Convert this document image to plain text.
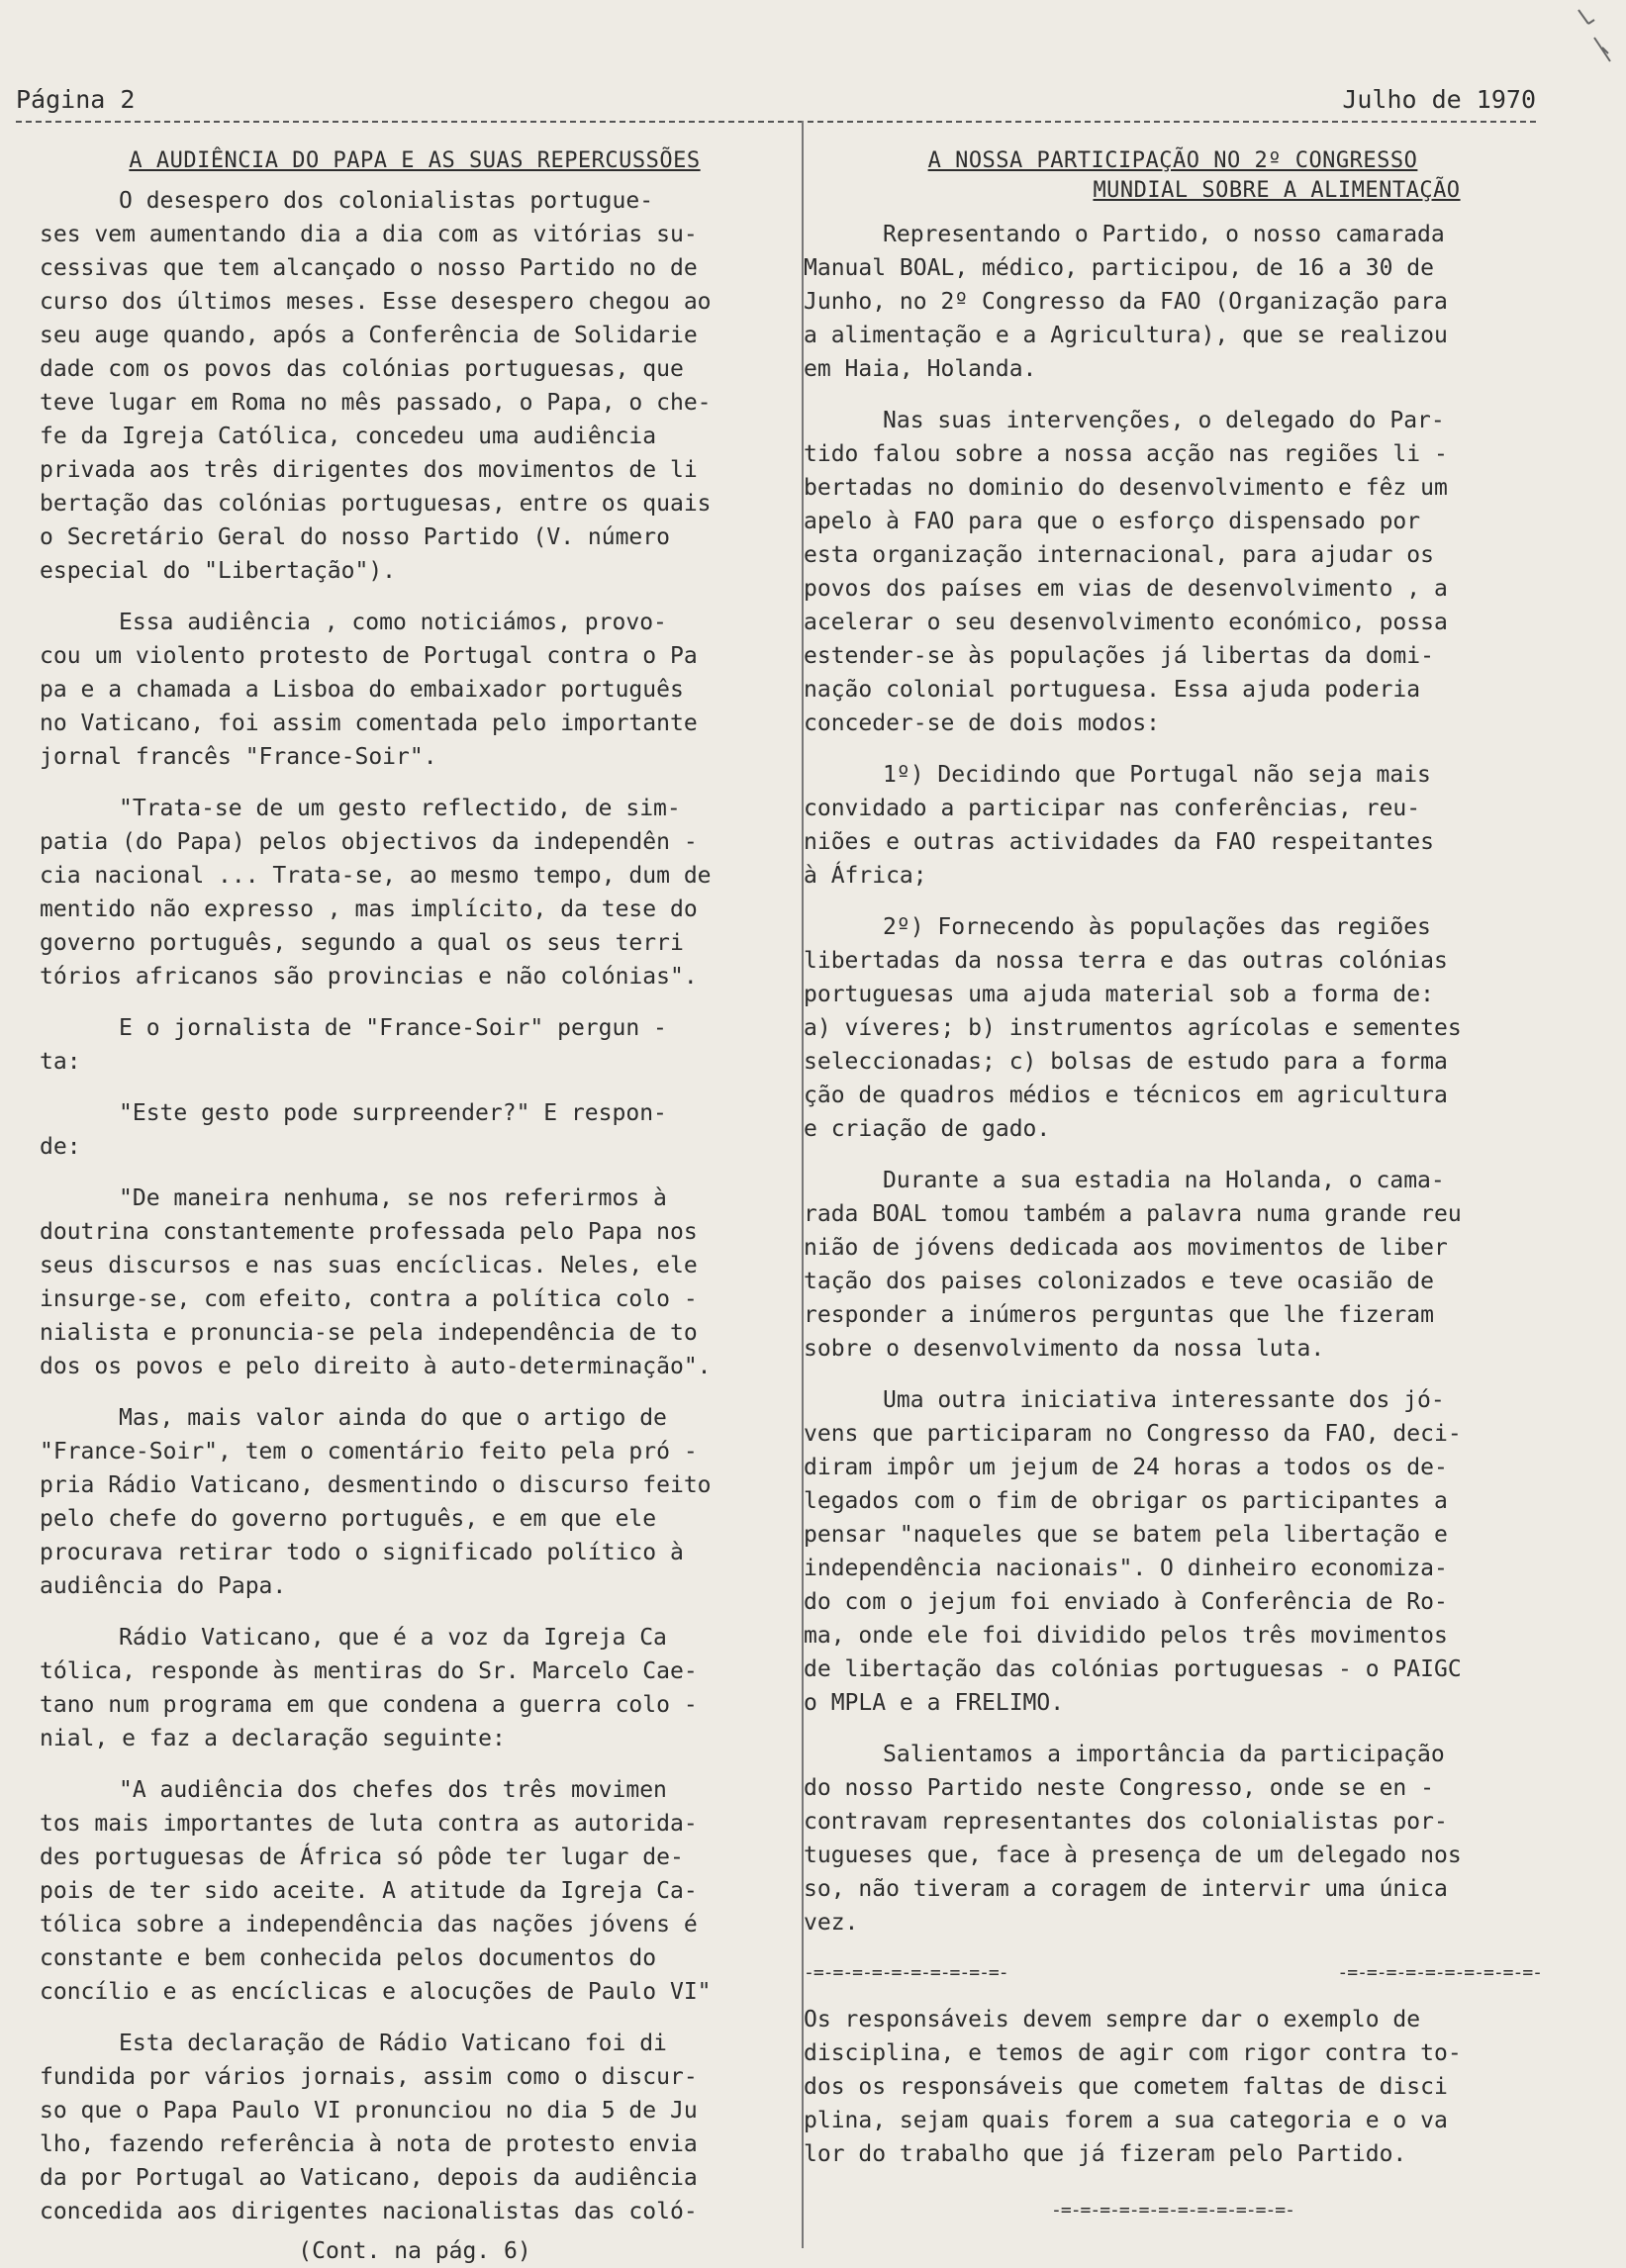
Página 2	Julho de 1970
A AUDIÊNCIA DO PAPA E AS SUAS REPERCUSSÕES
O desespero dos colonialistas portugue-
ses vem aumentando dia a dia com as vitórias su-
cessivas que tem alcançado o nosso Partido no de
curso dos últimos meses. Esse desespero chegou ao
seu auge quando, após a Conferência de Solidarie
dade com os povos das colónias portuguesas, que
teve lugar em Roma no mês passado, o Papa, o che-
fe da Igreja Católica, concedeu uma audiência
privada aos três dirigentes dos movimentos de li
bertação das colónias portuguesas, entre os quais
o Secretário Geral do nosso Partido (V. número
especial do "Libertação").
Essa audiência , como noticiámos, provo-
cou um violento protesto de Portugal contra o Pa
pa e a chamada a Lisboa do embaixador português
no Vaticano, foi assim comentada pelo importante
jornal francês "France-Soir".
"Trata-se de um gesto reflectido, de sim-
patia (do Papa) pelos objectivos da independên -
cia nacional ... Trata-se, ao mesmo tempo, dum de
mentido não expresso , mas implícito, da tese do
governo português, segundo a qual os seus terri
tórios africanos são provincias e não colónias".
E o jornalista de "France-Soir" pergun -
ta:
"Este gesto pode surpreender?" E respon-
de:
"De maneira nenhuma, se nos referirmos à
doutrina constantemente professada pelo Papa nos
seus discursos e nas suas encíclicas. Neles, ele
insurge-se, com efeito, contra a política colo -
nialista e pronuncia-se pela independência de to
dos os povos e pelo direito à auto-determinação".
Mas, mais valor ainda do que o artigo de
"France-Soir", tem o comentário feito pela pró -
pria Rádio Vaticano, desmentindo o discurso feito
pelo chefe do governo português, e em que ele
procurava retirar todo o significado político à
audiência do Papa.
Rádio Vaticano, que é a voz da Igreja Ca
tólica, responde às mentiras do Sr. Marcelo Cae-
tano num programa em que condena a guerra colo -
nial, e faz a declaração seguinte:
"A audiência dos chefes dos três movimen
tos mais importantes de luta contra as autorida-
des portuguesas de África só pôde ter lugar de-
pois de ter sido aceite. A atitude da Igreja Ca-
tólica sobre a independência das nações jóvens é
constante e bem conhecida pelos documentos do
concílio e as encíclicas e alocuções de Paulo VI"
Esta declaração de Rádio Vaticano foi di
fundida por vários jornais, assim como o discur-
so que o Papa Paulo VI pronunciou no dia 5 de Ju
lho, fazendo referência à nota de protesto envia
da por Portugal ao Vaticano, depois da audiência
concedida aos dirigentes nacionalistas das coló-
(Cont. na pág. 6)
A NOSSA PARTICIPAÇÃO NO 2º CONGRESSO
MUNDIAL SOBRE A ALIMENTAÇÃO
Representando o Partido, o nosso camarada
Manual BOAL, médico, participou, de 16 a 30 de
Junho, no 2º Congresso da FAO (Organização para
a alimentação e a Agricultura), que se realizou
em Haia, Holanda.
Nas suas intervenções, o delegado do Par-
tido falou sobre a nossa acção nas regiões li -
bertadas no dominio do desenvolvimento e fêz um
apelo à FAO para que o esforço dispensado por
esta organização internacional, para ajudar os
povos dos países em vias de desenvolvimento , a
acelerar o seu desenvolvimento económico, possa
estender-se às populações já libertas da domi-
nação colonial portuguesa. Essa ajuda poderia
conceder-se de dois modos:
1º) Decidindo que Portugal não seja mais
convidado a participar nas conferências, reu-
niões e outras actividades da FAO respeitantes
à África;
2º) Fornecendo às populações das regiões
libertadas da nossa terra e das outras colónias
portuguesas uma ajuda material sob a forma de:
a) víveres; b) instrumentos agrícolas e sementes
seleccionadas; c) bolsas de estudo para a forma
ção de quadros médios e técnicos em agricultura
e criação de gado.
Durante a sua estadia na Holanda, o cama-
rada BOAL tomou também a palavra numa grande reu
nião de jóvens dedicada aos movimentos de liber
tação dos paises colonizados e teve ocasião de
responder a inúmeros perguntas que lhe fizeram
sobre o desenvolvimento da nossa luta.
Uma outra iniciativa interessante dos jó-
vens que participaram no Congresso da FAO, deci-
diram impôr um jejum de 24 horas a todos os de-
legados com o fim de obrigar os participantes a
pensar "naqueles que se batem pela libertação e
independência nacionais". O dinheiro economiza-
do com o jejum foi enviado à Conferência de Ro-
ma, onde ele foi dividido pelos três movimentos
de libertação das colónias portuguesas - o PAIGC
o MPLA e a FRELIMO.
Salientamos a importância da participação
do nosso Partido neste Congresso, onde se en -
contravam representantes dos colonialistas por-
tugueses que, face à presença de um delegado nos
so, não tiveram a coragem de intervir uma única
vez.
-=-=-=-=-=-=-=-=-=-=-	-=-=-=-=-=-=-=-=-=-=-
Os responsáveis devem sempre dar o exemplo de
disciplina, e temos de agir com rigor contra to-
dos os responsáveis que cometem faltas de disci
plina, sejam quais forem a sua categoria e o va
lor do trabalho que já fizeram pelo Partido.
-=-=-=-=-=-=-=-=-=-=-=-=-
